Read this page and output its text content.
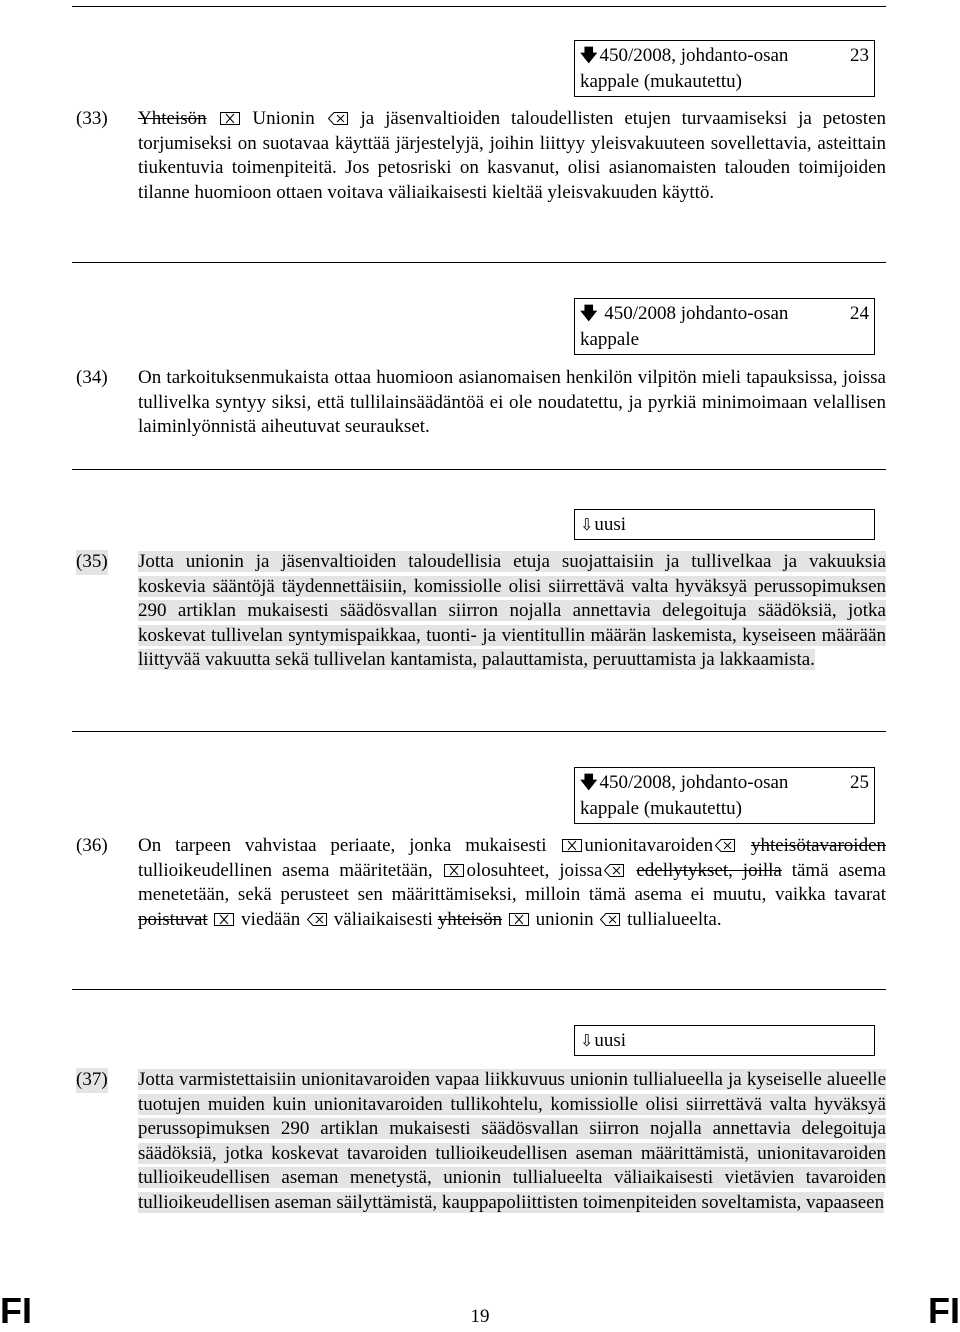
🡇 450/2008, johdanto-osan	23
kappale (mukautettu)
(33) Yhteisön Unionin ja jäsenvaltioiden taloudellisten etujen turvaamiseksi ja petosten torjumiseksi on suotavaa käyttää järjestelyjä, joihin liittyy yleisvakuuteen sovellettavia, asteittain tiukentuvia toimenpiteitä. Jos petosriski on kasvanut, olisi asianomaisten talouden toimijoiden tilanne huomioon ottaen voitava väliaikaisesti kieltää yleisvakuuden käyttö.
🡇 450/2008 johdanto-osan	24
kappale
(34) On tarkoituksenmukaista ottaa huomioon asianomaisen henkilön vilpitön mieli tapauksissa, joissa tullivelka syntyy siksi, että tullilainsäädäntöä ei ole noudatettu, ja pyrkiä minimoimaan velallisen laiminlyönnistä aiheutuvat seuraukset.
⇩uusi
(35) Jotta unionin ja jäsenvaltioiden taloudellisia etuja suojattaisiin ja tullivelkaa ja vakuuksia koskevia sääntöjä täydennettäisiin, komissiolle olisi siirrettävä valta hyväksyä perussopimuksen 290 artiklan mukaisesti säädösvallan siirron nojalla annettavia delegoituja säädöksiä, jotka koskevat tullivelan syntymispaikkaa, tuonti- ja vientitullin määrän laskemista, kyseiseen määrään liittyvää vakuutta sekä tullivelan kantamista, palauttamista, peruuttamista ja lakkaamista.
🡇 450/2008, johdanto-osan	25
kappale (mukautettu)
(36) On tarpeen vahvistaa periaate, jonka mukaisesti unionitavaroiden yhteisötavaroiden tullioikeudellinen asema määritetään, olosuhteet, joissa edellytykset, joilla tämä asema menetetään, sekä perusteet sen määrittämiseksi, milloin tämä asema ei muutu, vaikka tavarat poistuvat viedään väliaikaisesti yhteisön unionin tullialueelta.
⇩uusi
(37) Jotta varmistettaisiin unionitavaroiden vapaa liikkuvuus unionin tullialueella ja kyseiselle alueelle tuotujen muiden kuin unionitavaroiden tullikohtelu, komissiolle olisi siirrettävä valta hyväksyä perussopimuksen 290 artiklan mukaisesti säädösvallan siirron nojalla annettavia delegoituja säädöksiä, jotka koskevat tavaroiden tullioikeudellisen aseman määrittämistä, unionitavaroiden tullioikeudellisen aseman menetystä, unionin tullialueelta väliaikaisesti vietävien tavaroiden tullioikeudellisen aseman säilyttämistä, kauppapoliittisten toimenpiteiden soveltamista, vapaaseen
FI	19	FI
